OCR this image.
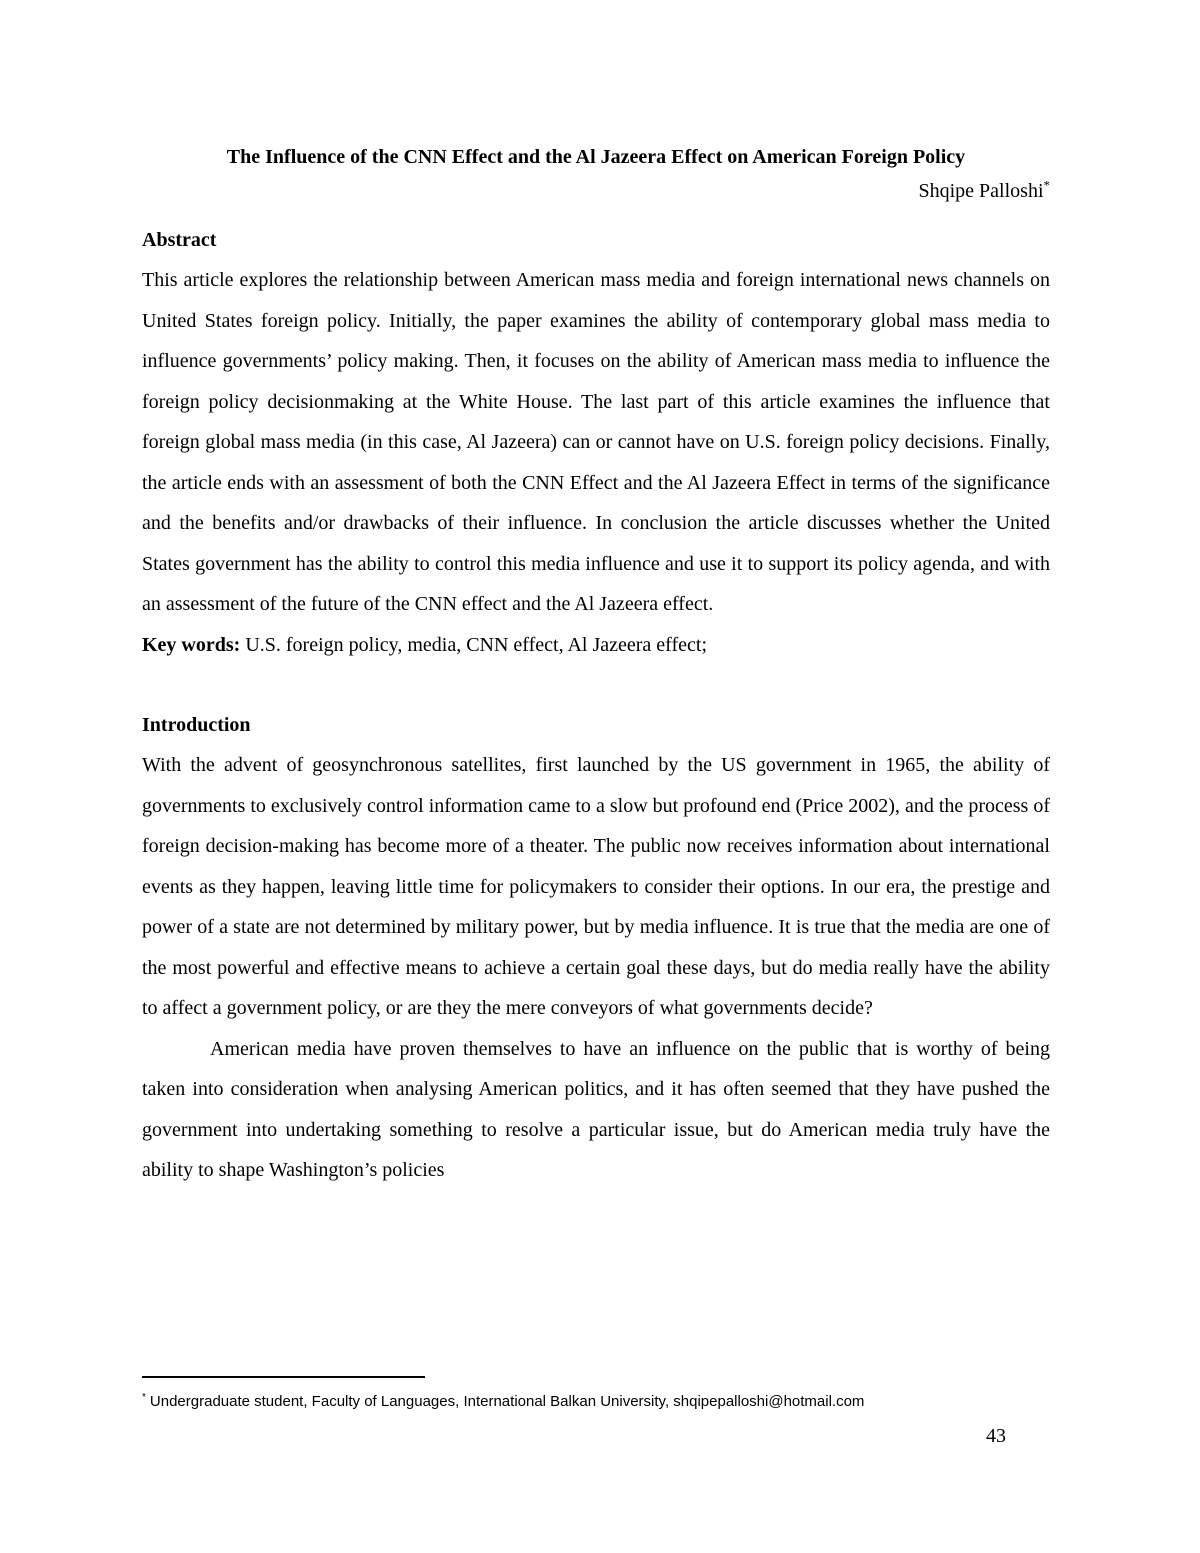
The Influence of the CNN Effect and the Al Jazeera Effect on American Foreign Policy

Shqipe Palloshi*

Abstract

This article explores the relationship between American mass media and foreign international news channels on United States foreign policy. Initially, the paper examines the ability of contemporary global mass media to influence governments’ policy making. Then, it focuses on the ability of American mass media to influence the foreign policy decisionmaking at the White House. The last part of this article examines the influence that foreign global mass media (in this case, Al Jazeera) can or cannot have on U.S. foreign policy decisions. Finally, the article ends with an assessment of both the CNN Effect and the Al Jazeera Effect in terms of the significance and the benefits and/or drawbacks of their influence. In conclusion the article discusses whether the United States government has the ability to control this media influence and use it to support its policy agenda, and with an assessment of the future of the CNN effect and the Al Jazeera effect.

Key words: U.S. foreign policy, media, CNN effect, Al Jazeera effect;

Introduction

With the advent of geosynchronous satellites, first launched by the US government in 1965, the ability of governments to exclusively control information came to a slow but profound end (Price 2002), and the process of foreign decision-making has become more of a theater. The public now receives information about international events as they happen, leaving little time for policymakers to consider their options. In our era, the prestige and power of a state are not determined by military power, but by media influence. It is true that the media are one of the most powerful and effective means to achieve a certain goal these days, but do media really have the ability to affect a government policy, or are they the mere conveyors of what governments decide?

American media have proven themselves to have an influence on the public that is worthy of being taken into consideration when analysing American politics, and it has often seemed that they have pushed the government into undertaking something to resolve a particular issue, but do American media truly have the ability to shape Washington’s policies

* Undergraduate student, Faculty of Languages, International Balkan University, shqipepalloshi@hotmail.com

43
